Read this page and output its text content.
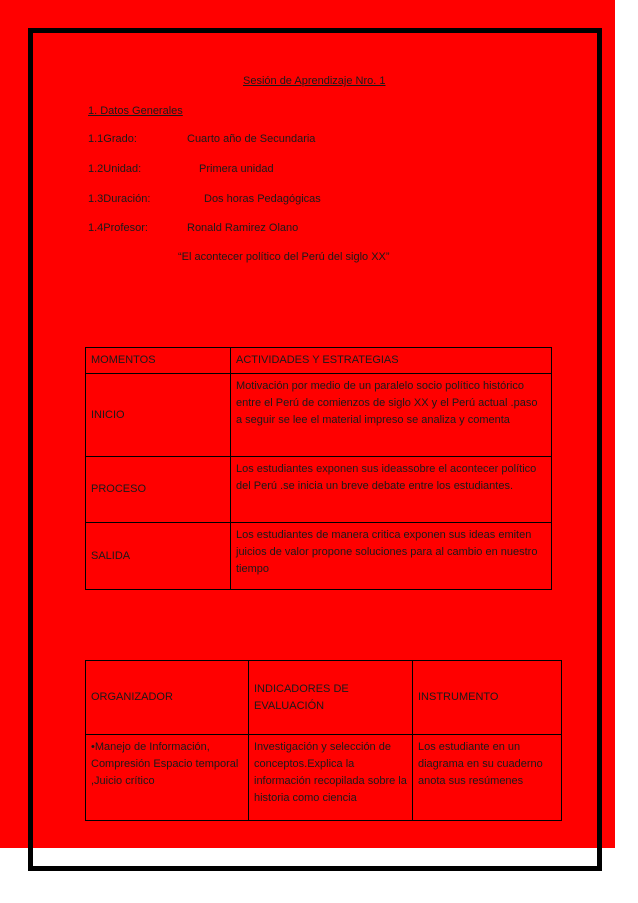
Sesión de Aprendizaje Nro. 1
1. Datos Generales
1.1Grado:	Cuarto año de Secundaria
1.2Unidad:	Primera unidad
1.3Duración:	Dos horas Pedagógicas
1.4Profesor:	Ronald Ramirez Olano
“El acontecer político del Perú del siglo XX”
MOMENTOS	ACTIVIDADES Y ESTRATEGIAS
INICIO	Motivación por medio de un paralelo socio político histórico entre el Perú de comienzos de siglo XX y el Perú actual .paso a seguir se lee el material impreso se analiza y comenta
PROCESO	Los estudiantes exponen sus ideassobre el acontecer político del Perú .se inicia un breve debate entre los estudiantes.
SALIDA	Los estudiantes de manera critica exponen sus ideas emiten juicios de valor propone soluciones para al cambio en nuestro tiempo
ORGANIZADOR	INDICADORES DE EVALUACIÓN	INSTRUMENTO
•Manejo de Información, Compresión Espacio temporal ,Juicio crítico	Investigación y selección de conceptos.Explica la información recopilada sobre la historia como ciencia	Los estudiante en un diagrama en su cuaderno anota sus resúmenes
